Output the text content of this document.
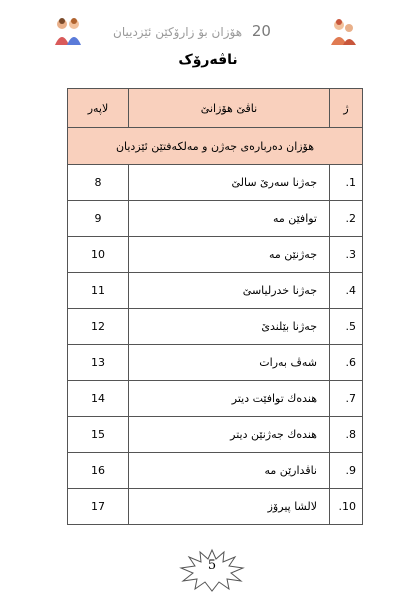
20 هۆزان بۆ زارۆکێن ئێزدییان
ناڤەرۆک
ژ	ناڤێ هۆزانێ	لاپەر
هۆزان دەربارەی جەژن و مەلکەفتێن ئێزدیان		
1.	جەژنا سەرێ سالێ	8
2.	توافێن مه	9
3.	جەژنێن مه	10
4.	جەژنا خدرلیاسێ	11
5.	جەژنا بێلندێ	12
6.	شەڤ بەرات	13
7.	هندەك توافێت دیتر	14
8.	هندەك جەژنێن دیتر	15
9.	ناڤدارێن مه	16
10.	لالشا پیرۆز	17
5
